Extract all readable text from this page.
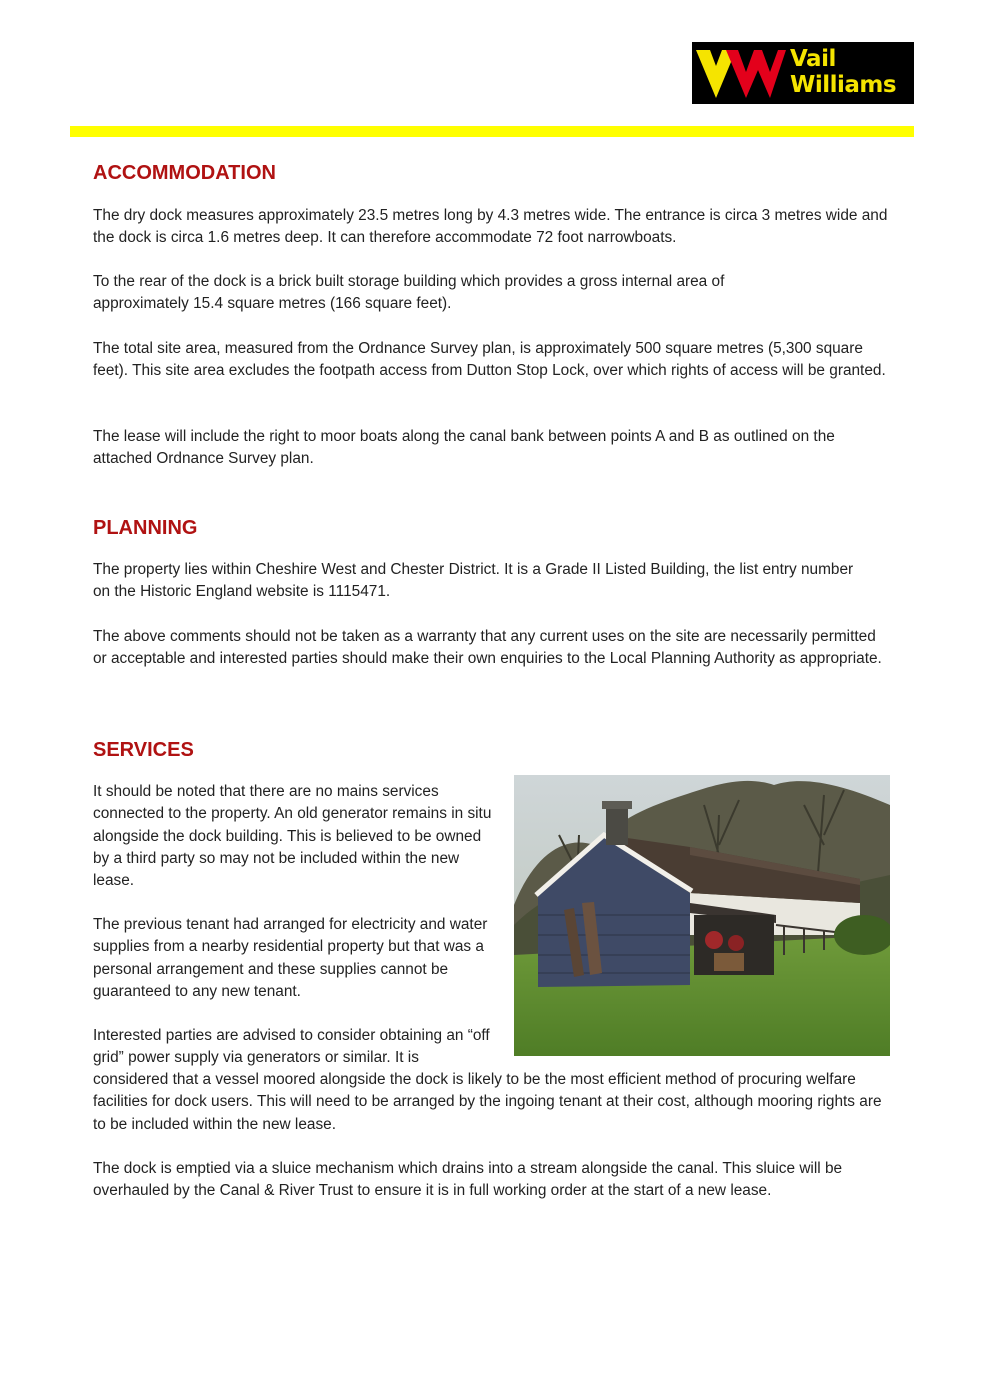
Vail
Williams
ACCOMMODATION

The dry dock measures approximately 23.5 metres long by 4.3 metres wide. The entrance is circa 3 metres wide and the dock is circa 1.6 metres deep. It can therefore accommodate 72 foot narrowboats.

To the rear of the dock is a brick built storage building which provides a gross internal area of approximately 15.4 square metres (166 square feet).

The total site area, measured from the Ordnance Survey plan, is approximately 500 square metres (5,300 square feet). This site area excludes the footpath access from Dutton Stop Lock, over which rights of access will be granted.

The lease will include the right to moor boats along the canal bank between points A and B as outlined on the attached Ordnance Survey plan.

PLANNING

The property lies within Cheshire West and Chester District. It is a Grade II Listed Building, the list entry number on the Historic England website is 1115471.

The above comments should not be taken as a warranty that any current uses on the site are necessarily permitted or acceptable and interested parties should make their own enquiries to the Local Planning Authority as appropriate.

SERVICES

It should be noted that there are no mains services connected to the property. An old generator remains in situ alongside the dock building. This is believed to be owned by a third party so may not be included within the new lease.

The previous tenant had arranged for electricity and water supplies from a nearby residential property but that was a personal arrangement and these supplies cannot be guaranteed to any new tenant.

Interested parties are advised to consider obtaining an “off grid” power supply via generators or similar. It is

considered that a vessel moored alongside the dock is likely to be the most efficient method of procuring welfare facilities for dock users. This will need to be arranged by the ingoing tenant at their cost, although mooring rights are to be included within the new lease.

The dock is emptied via a sluice mechanism which drains into a stream alongside the canal. This sluice will be overhauled by the Canal & River Trust to ensure it is in full working order at the start of a new lease.
